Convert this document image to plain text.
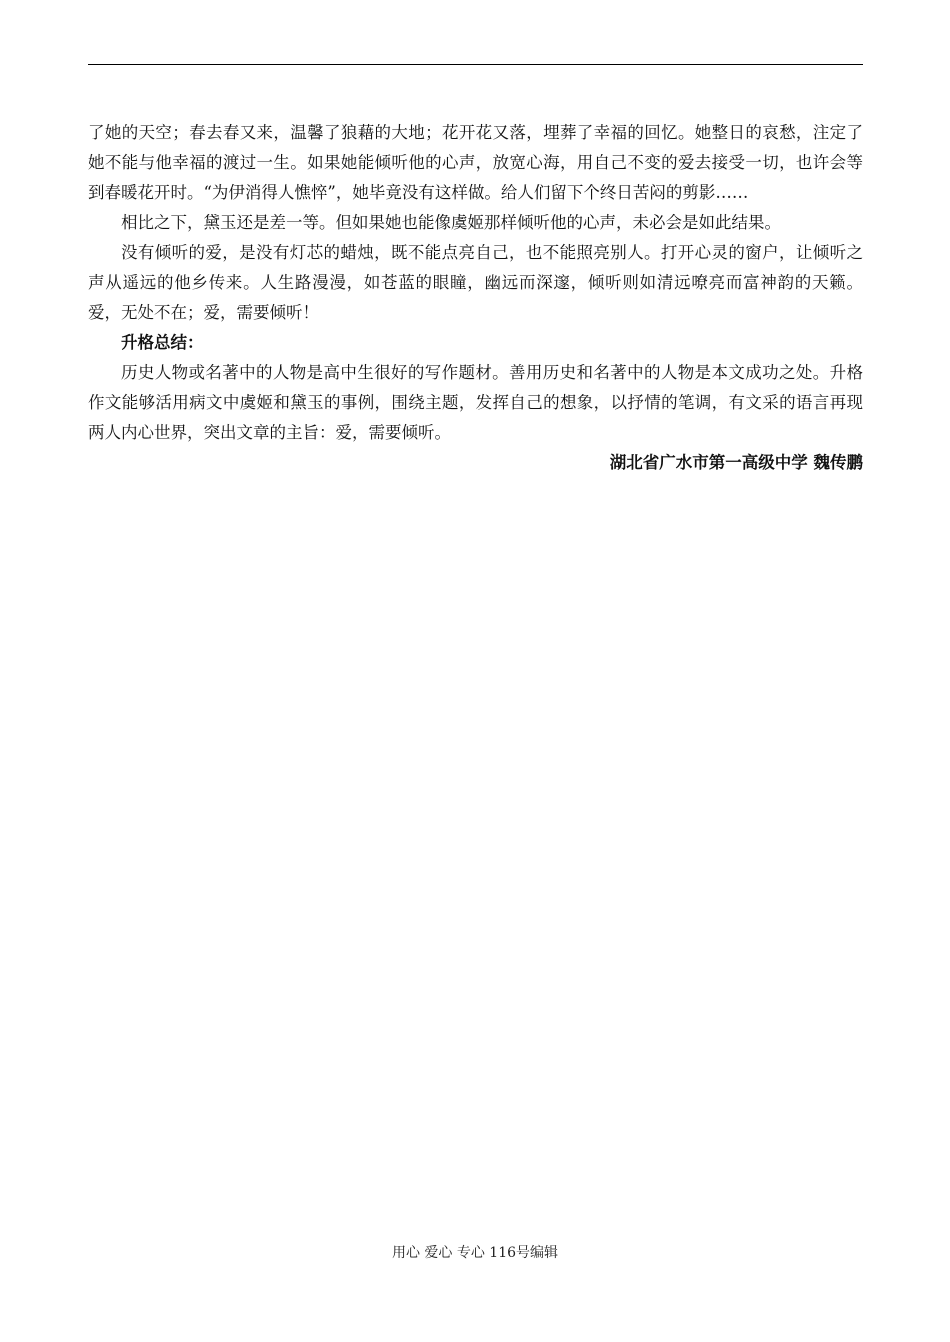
了她的天空；春去春又来，温馨了狼藉的大地；花开花又落，埋葬了幸福的回忆。她整日的哀愁，注定了她不能与他幸福的渡过一生。如果她能倾听他的心声，放宽心海，用自己不变的爱去接受一切，也许会等到春暖花开时。“为伊消得人憔悴”，她毕竟没有这样做。给人们留下个终日苦闷的剪影……

相比之下，黛玉还是差一等。但如果她也能像虞姬那样倾听他的心声，未必会是如此结果。

没有倾听的爱，是没有灯芯的蜡烛，既不能点亮自己，也不能照亮别人。打开心灵的窗户，让倾听之声从遥远的他乡传来。人生路漫漫，如苍蓝的眼瞳，幽远而深邃，倾听则如清远嘹亮而富神韵的天籁。爱，无处不在；爱，需要倾听！

升格总结：

历史人物或名著中的人物是高中生很好的写作题材。善用历史和名著中的人物是本文成功之处。升格作文能够活用病文中虞姬和黛玉的事例，围绕主题，发挥自己的想象，以抒情的笔调，有文采的语言再现两人内心世界，突出文章的主旨：爱，需要倾听。

湖北省广水市第一高级中学 魏传鹏

用心 爱心 专心 116号编辑
